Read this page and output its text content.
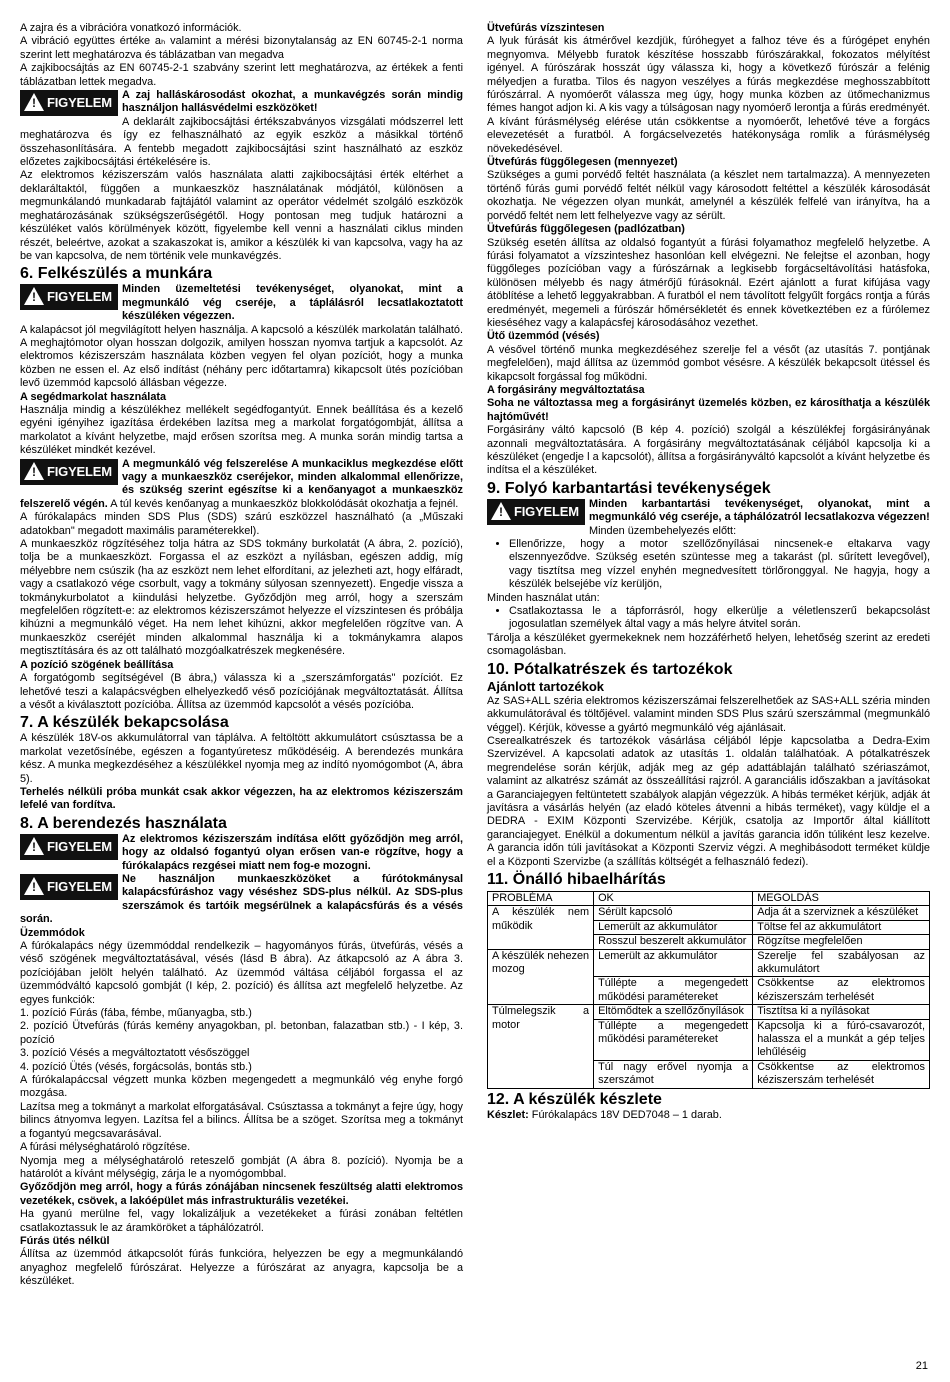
A zajra és a vibrációra vonatkozó információk.

A vibráció együttes értéke aₕ valamint a mérési bizonytalanság az EN 60745-2-1 norma szerint lett meghatározva és táblázatban van megadva

A zajkibocsájtás az EN 60745-2-1 szabvány szerint lett meghatározva, az értékek a fenti táblázatban lettek megadva.

! FIGYELEM A zaj halláskárosodást okozhat, a munkavégzés során mindig használjon hallásvédelmi eszközöket!

A deklarált zajkibocsájtási értékszabványos vizsgálati módszerrel lett meghatározva és így ez felhasználható az egyik eszköz a másikkal történő összehasonlítására. A fentebb megadott zajkibocsájtási szint használható az eszköz előzetes zajkibocsájtási értékelésére is.

Az elektromos kéziszerszám valós használata alatti zajkibocsájtási érték eltérhet a deklaráltaktól, függően a munkaeszköz használatának módjától, különösen a megmunkálandó munkadarab fajtájától valamint az operátor védelmét szolgáló eszközök meghatározásának szükségszerűségétől. Hogy pontosan meg tudjuk határozni a készüléket valós körülmények között, figyelembe kell venni a használati ciklus minden részét, beleértve, azokat a szakaszokat is, amikor a készülék ki van kapcsolva, vagy ha az be van kapcsolva, de nem történik vele munkavégzés.

6. Felkészülés a munkára

! FIGYELEM Minden üzemeltetési tevékenységet, olyanokat, mint a megmunkáló vég cseréje, a táplálásról lecsatlakoztatott készüléken végezzen.

A kalapácsot jól megvilágított helyen használja. A kapcsoló a készülék markolatán található. A meghajtómotor olyan hosszan dolgozik, amilyen hosszan nyomva tartjuk a kapcsolót. Az elektromos kéziszerszám használata közben vegyen fel olyan pozíciót, hogy a munka közben ne essen el. Az első indítást (néhány perc időtartamra) kikapcsolt ütés pozícióban levő üzemmód kapcsoló állásban végezze.

A segédmarkolat használata

Használja mindig a készülékhez mellékelt segédfogantyút. Ennek beállítása és a kezelő egyéni igényihez igazítása érdekében lazítsa meg a markolat forgatógombját, állítsa a markolatot a kívánt helyzetbe, majd erősen szorítsa meg. A munka során mindig tartsa a készüléket mindkét kezével.

! FIGYELEM A megmunkáló vég felszerelése A munkaciklus megkezdése előtt vagy a munkaeszköz cseréjekor, minden alkalommal ellenőrizze, és szükség szerint egészítse ki a kenőanyagot a munkaeszköz felszerelő végén. A túl kevés kenőanyag a munkaeszköz blokkolódását okozhatja a fejnél.

A fúrókalapács minden SDS Plus (SDS) szárú eszközzel használható (a „Műszaki adatokban" megadott maximális paraméterekkel).

A munkaeszköz rögzítéséhez tolja hátra az SDS tokmány burkolatát (A ábra, 2. pozíció), tolja be a munkaeszközt. Forgassa el az eszközt a nyílásban, egészen addig, míg mélyebbre nem csúszik (ha az eszközt nem lehet elfordítani, az jelezheti azt, hogy elfáradt, vagy a csatlakozó vége csorbult, vagy a tokmány súlyosan szennyezett). Engedje vissza a tokmánykurbolatot a kiindulási helyzetbe. Győződjön meg arról, hogy a szerszám megfelelően rögzített-e: az elektromos kéziszerszámot helyezze el vízszintesen és próbálja kihúzni a megmunkáló véget. Ha nem lehet kihúzni, akkor megfelelően rögzítve van. A munkaeszköz cseréjét minden alkalommal használja ki a tokmánykamra alapos megtisztítására és az ott található mozgóalkatrészek megkenésére.

A pozíció szögének beállítása

A forgatógomb segítségével (B ábra,) válassza ki a „szerszámforgatás" pozíciót. Ez lehetővé teszi a kalapácsvégben elhelyezkedő véső pozíciójának megváltoztatását. Állítsa a vésőt a kiválasztott pozícióba. Állítsa az üzemmód kapcsolót a vésés pozícióba.

7. A készülék bekapcsolása

A készülék 18V-os akkumulátorral van táplálva. A feltöltött akkumulátort csúsztassa be a markolat vezetősínébe, egészen a fogantyúretesz működéséig. A berendezés munkára kész. A munka megkezdéséhez a készülékkel nyomja meg az indító nyomógombot (A, ábra 5).

Terhelés nélküli próba munkát csak akkor végezzen, ha az elektromos kéziszerszám lefelé van fordítva.

8. A berendezés használata

! FIGYELEM Az elektromos kéziszerszám indítása előtt győződjön meg arról, hogy az oldalsó fogantyú olyan erősen van-e rögzítve, hogy a fúrókalapács rezgései miatt nem fog-e mozogni.

! FIGYELEM Ne használjon munkaeszközöket a fúrótokmánysal kalapácsfúráshoz vagy véséshez SDS-plus nélkül. Az SDS-plus szerszámok és tartóik megsérülnek a kalapácsfúrás és a vésés során.

Üzemmódok

A fúrókalapács négy üzemmóddal rendelkezik – hagyományos fúrás, ütvefúrás, vésés a véső szögének megváltoztatásával, vésés (lásd B ábra). Az átkapcsoló az A ábra 3. pozíciójában jelölt helyén található. Az üzemmód váltása céljából forgassa el az üzemmódváltó kapcsoló gombját (I kép, 2. pozíció) és állítsa azt megfelelő helyzetbe. Az egyes funkciók:

1. pozíció Fúrás (fába, fémbe, műanyagba, stb.)

2. pozíció Ütvefúrás (fúrás kemény anyagokban, pl. betonban, falazatban stb.) - I kép, 3. pozíció

3. pozíció Vésés a megváltoztatott vésőszöggel

4. pozíció Ütés (vésés, forgácsolás, bontás stb.)

A fúrókalapáccsal végzett munka közben megengedett a megmunkáló vég enyhe forgó mozgása.

Lazítsa meg a tokmányt a markolat elforgatásával. Csúsztassa a tokmányt a fejre úgy, hogy bilincs átnyomva legyen. Lazítsa fel a bilincs. Állítsa be a szöget. Szorítsa meg a tokmányt a fogantyú megcsavarásával.

A fúrási mélységhatároló rögzítése.

Nyomja meg a mélységhatároló reteszelő gombját (A ábra 8. pozíció). Nyomja be a határolót a kívánt mélységig, zárja le a nyomógombbal.

Győződjön meg arról, hogy a fúrás zónájában nincsenek feszültség alatti elektromos vezetékek, csövek, a lakóépület más infrastrukturális vezetékei.

Ha gyanú merülne fel, vagy lokalizáljuk a vezetékeket a fúrási zonában feltétlen csatlakoztassuk le az áramköröket a táphálózatról.

Fúrás ütés nélkül

Állítsa az üzemmód átkapcsolót fúrás funkcióra, helyezzen be egy a megmunkálandó anyaghoz megfelelő fúrószárat. Helyezze a fúrószárat az anyagra, kapcsolja be a készüléket.

Ütvefúrás vízszintesen

A lyuk fúrását kis átmérővel kezdjük, fúróhegyet a falhoz téve és a fúrógépet enyhén megnyomva. Mélyebb furatok készítése hosszabb fúrószárakkal, fokozatos mélyítést igényel. A fúrószárak hosszát úgy válassza ki, hogy a következő fúrószár a felénig mélyedjen a furatba. Tilos és nagyon veszélyes a fúrás megkezdése meghosszabbított fúrószárral. A nyomóerőt válassza meg úgy, hogy munka közben az ütőmechanizmus fémes hangot adjon ki. A kis vagy a túlságosan nagy nyomóerő lerontja a fúrás eredményét. A kívánt fúrásmélység elérése után csökkentse a nyomóerőt, lehetővé téve a forgács elevezetését a furatból. A forgácselvezetés hatékonysága romlik a fúrásmélység növekedésével.

Ütvefúrás függőlegesen (mennyezet)

Szükséges a gumi porvédő feltét használata (a készlet nem tartalmazza). A mennyezeten történő fúrás gumi porvédő feltét nélkül vagy károsodott feltéttel a készülék károsodását okozhatja. Ne végezzen olyan munkát, amelynél a készülék felfelé van irányítva, ha a porvédő feltét nem lett felhelyezve vagy az sérült.

Ütvefúrás függőlegesen (padlózatban)

Szükség esetén állítsa az oldalsó fogantyút a fúrási folyamathoz megfelelő helyzetbe. A fúrási folyamatot a vízszinteshez hasonlóan kell elvégezni. Ne felejtse el azonban, hogy függőleges pozícióban vagy a fúrószárnak a legkisebb forgácseltávolítási hatásfoka, különösen mélyebb és nagy átmérőjű fúrásoknál. Ezért ajánlott a furat kifújása vagy átöblítése a lehető leggyakrabban. A furatból el nem távolított felgyűlt forgács rontja a fúrás eredményét, megemeli a fúrószár hőmérsékletét és ennek következtében ez a fúrólemez kieséséhez vagy a kalapácsfej károsodásához vezethet.

Ütő üzemmód (vésés)

A vésővel történő munka megkezdéséhez szerelje fel a vésőt (az utasítás 7. pontjának megfelelően), majd állítsa az üzemmód gombot vésésre. A készülék bekapcsolt ütéssel és kikapcsolt forgással fog működni.

A forgásirány megváltoztatása

Soha ne változtassa meg a forgásirányt üzemelés közben, ez károsíthatja a készülék hajtóművét!

Forgásirány váltó kapcsoló (B kép 4. pozíció) szolgál a készülékfej forgásirányának azonnali megváltoztatására. A forgásirány megváltoztatásának céljából kapcsolja ki a készüléket (engedje l a kapcsolót), állítsa a forgásirányváltó kapcsolót a kívánt helyzetbe és indítsa el a készüléket.

9. Folyó karbantartási tevékenységek

! FIGYELEM Minden karbantartási tevékenységet, olyanokat, mint a megmunkáló vég cseréje, a táphálózatról lecsatlakozva végezzen!

Minden üzembehelyezés előtt:

• Ellenőrizze, hogy a motor szellőzőnyílásai nincsenek-e eltakarva vagy elszennyeződve. Szükség esetén szüntesse meg a takarást (pl. sűrített levegővel), vagy tisztítsa meg vízzel enyhén megnedvesített törlőronggyal. Ne hagyja, hogy a készülék belsejébe víz kerüljön,

Minden használat után:

• Csatlakoztassa le a tápforrásról, hogy elkerülje a véletlenszerű bekapcsolást jogosulatlan személyek által vagy a más helyre átvitel során.

Tárolja a készüléket gyermekeknek nem hozzáférhető helyen, lehetőség szerint az eredeti csomagolásban.

10. Pótalkatrészek és tartozékok
Ajánlott tartozékok

Az SAS+ALL széria elektromos kéziszerszámai felszerelhetőek az SAS+ALL széria minden akkumulátorával és töltőjével. valamint minden SDS Plus szárú szerszámmal (megmunkáló véggel). Kérjük, kövesse a gyártó megmunkáló vég ajánlásait.

Cserealkatrészek és tartozékok vásárlása céljából lépje kapcsolatba a Dedra-Exim Szervizével. A kapcsolati adatok az utasítás 1. oldalán találhatóak. A pótalkatrészek megrendelése során kérjük, adják meg az gép adattáblaján található szériaszámot, valamint az alkatrész számát az összeállítási rajzról. A garanciális időszakban a javításokat a Garanciajegyen feltüntetett szabályok alapján végezzük. A hibás terméket kérjük, adják át javításra a vásárlás helyén (az eladó köteles átvenni a hibás terméket), vagy küldje el a DEDRA - EXIM Központi Szervizébe. Kérjük, csatolja az Importőr által kiállított garanciajegyet. Enélkül a dokumentum nélkül a javítás garancia időn túliként lesz kezelve. A garancia időn túli javításokat a Központi Szerviz végzi. A meghibásodott terméket küldje el a Központi Szervizbe (a szállítás költségét a felhasználó fedezi).

11. Önálló hibaelhárítás
PROBLÉMA	OK	MEGOLDÁS
A készülék nem működik	Sérült kapcsoló	Adja át a szerviznek a készüléket
	Lemerült az akkumulátor	Töltse fel az akkumulátort
	Rosszul beszerelt akkumulátor	Rögzítse megfelelően
A készülék nehezen mozog	Lemerült az akkumulátor	Szerelje fel szabályosan az akkumulátort
	Túllépte a megengedett működési paramétereket	Csökkentse az elektromos kéziszerszám terhelését
Túlmelegszik a motor	Eltömődtek a szellőzőnyílások	Tisztítsa ki a nyílásokat
	Túllépte a megengedett működési paramétereket	Kapcsolja ki a fúró-csavarozót, halassza el a munkát a gép teljes lehűléséig
	Túl nagy erővel nyomja a szerszámot	Csökkentse az elektromos kéziszerszám terhelését
12. A készülék készlete

Készlet: Fúrókalapács 18V DED7048 – 1 darab.

21
